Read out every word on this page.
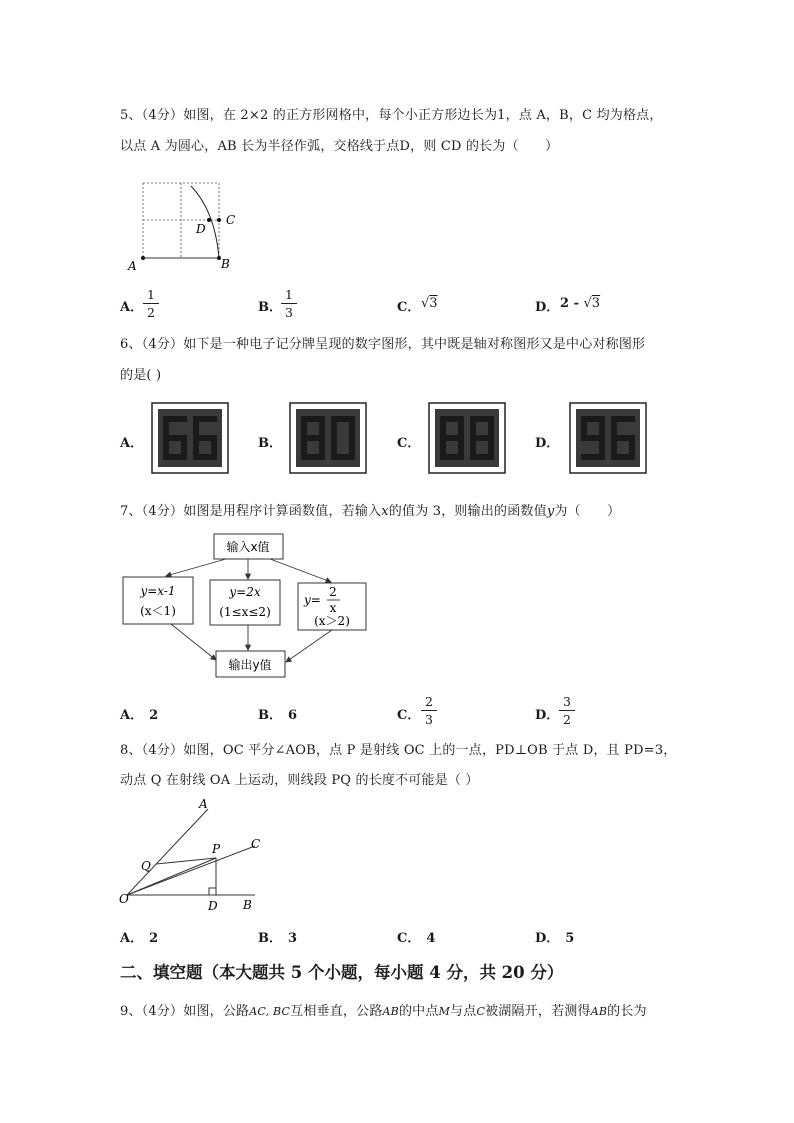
5、（4分）如图，在 2×2 的正方形网格中，每个小正方形边长为1，点 A，B，C 均为格点，
以点 A 为圆心，AB 长为半径作弧，交格线于点D，则 CD 的长为（　　）
A	B
C
D
A．
1
2	B．
1
3	C． √3	D． 2 - √3
6、（4分）如下是一种电子记分牌呈现的数字图形，其中既是轴对称图形又是中心对称图形
的是( )
A．	B．	C．	D．
7、（4分）如图是用程序计算函数值，若输入x的值为 3，则输出的函数值y为（　　）
输入x值
y=x-1
(x＜1)
y=2x
(1≤x≤2)
y=
2
x
(x＞2)
输出y值
A． 2	B． 6	C．
2
3	D．
3
2
8、（4分）如图，OC 平分∠AOB，点 P 是射线 OC 上的一点，PD⊥OB 于点 D，且 PD=3，
动点 Q 在射线 OA 上运动，则线段 PQ 的长度不可能是（ ）
A
C
P
Q
O	D B
A． 2	B． 3	C． 4	D． 5
二、填空题（本大题共 5 个小题，每小题 4 分，共 20 分）
9、（4分）如图，公路AC, BC互相垂直，公路AB的中点M与点C被湖隔开，若测得AB的长为
